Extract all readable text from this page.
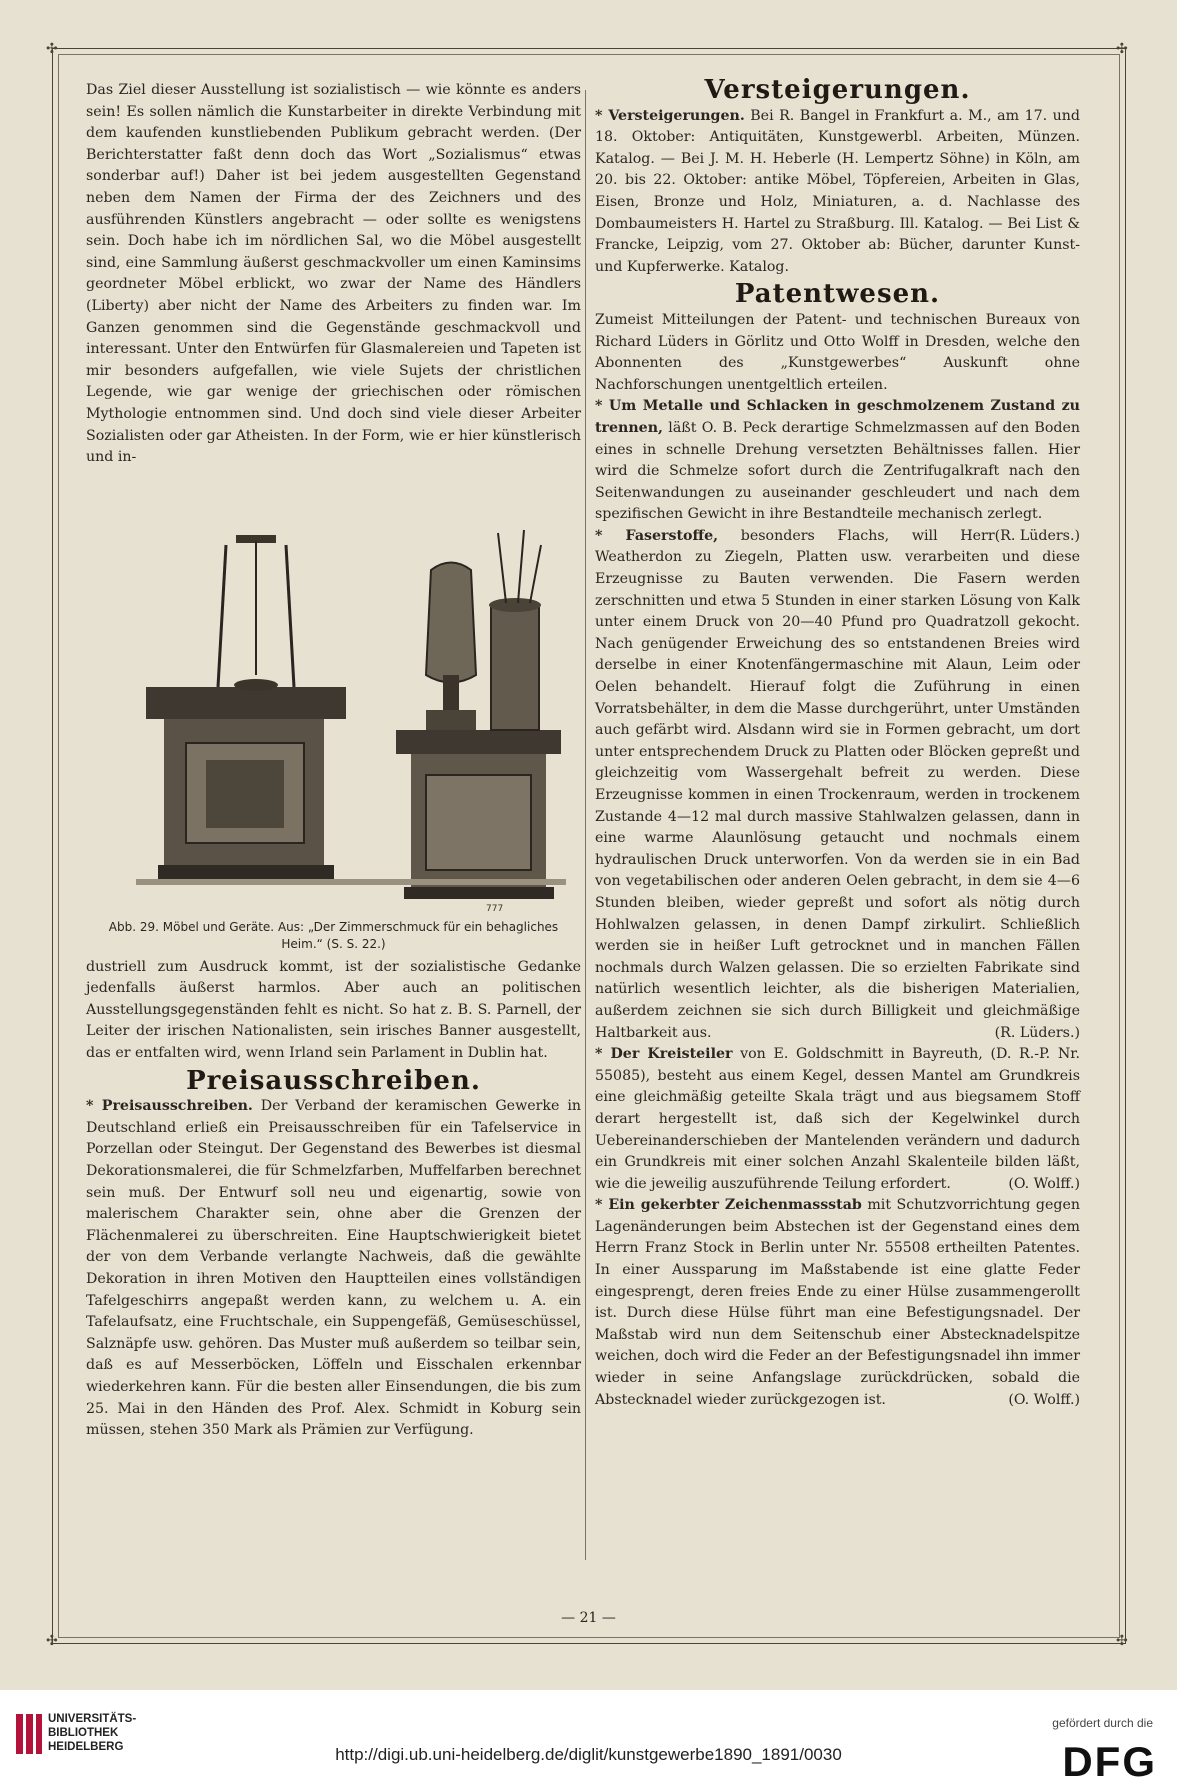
✣	✣
✣	✣

Das Ziel dieser Ausstellung ist sozialistisch — wie könnte es anders sein! Es sollen nämlich die Kunstarbeiter in direkte Verbindung mit dem kaufenden kunstliebenden Publikum gebracht werden. (Der Berichterstatter faßt denn doch das Wort „Sozialismus“ etwas sonderbar auf!) Daher ist bei jedem ausgestellten Gegenstand neben dem Namen der Firma der des Zeichners und des ausführenden Künstlers angebracht — oder sollte es wenigstens sein. Doch habe ich im nördlichen Sal, wo die Möbel ausgestellt sind, eine Sammlung äußerst geschmackvoller um einen Kaminsims geordneter Möbel erblickt, wo zwar der Name des Händlers (Liberty) aber nicht der Name des Arbeiters zu finden war. Im Ganzen genommen sind die Gegenstände geschmackvoll und interessant. Unter den Entwürfen für Glasmalereien und Tapeten ist mir besonders aufgefallen, wie viele Sujets der christlichen Legende, wie gar wenige der griechischen oder römischen Mythologie entnommen sind. Und doch sind viele dieser Arbeiter Sozialisten oder gar Atheisten. In der Form, wie er hier künstlerisch und in-

777
Abb. 29. Möbel und Geräte. Aus: „Der Zimmerschmuck für ein behagliches Heim.“ (S. S. 22.)

dustriell zum Ausdruck kommt, ist der sozialistische Gedanke jedenfalls äußerst harmlos. Aber auch an politischen Ausstellungsgegenständen fehlt es nicht. So hat z. B. S. Parnell, der Leiter der irischen Nationalisten, sein irisches Banner ausgestellt, das er entfalten wird, wenn Irland sein Parlament in Dublin hat.

Preisausschreiben.

* Preisausschreiben. Der Verband der keramischen Gewerke in Deutschland erließ ein Preisausschreiben für ein Tafelservice in Porzellan oder Steingut. Der Gegenstand des Bewerbes ist diesmal Dekorationsmalerei, die für Schmelzfarben, Muffelfarben berechnet sein muß. Der Entwurf soll neu und eigenartig, sowie von malerischem Charakter sein, ohne aber die Grenzen der Flächenmalerei zu überschreiten. Eine Hauptschwierigkeit bietet der von dem Verbande verlangte Nachweis, daß die gewählte Dekoration in ihren Motiven den Hauptteilen eines vollständigen Tafelgeschirrs angepaßt werden kann, zu welchem u. A. ein Tafelaufsatz, eine Fruchtschale, ein Suppengefäß, Gemüseschüssel, Salznäpfe usw. gehören. Das Muster muß außerdem so teilbar sein, daß es auf Messerböcken, Löffeln und Eisschalen erkennbar wiederkehren kann. Für die besten aller Einsendungen, die bis zum 25. Mai in den Händen des Prof. Alex. Schmidt in Koburg sein müssen, stehen 350 Mark als Prämien zur Verfügung.

Versteigerungen.

* Versteigerungen. Bei R. Bangel in Frankfurt a. M., am 17. und 18. Oktober: Antiquitäten, Kunstgewerbl. Arbeiten, Münzen. Katalog. — Bei J. M. H. Heberle (H. Lempertz Söhne) in Köln, am 20. bis 22. Oktober: antike Möbel, Töpfereien, Arbeiten in Glas, Eisen, Bronze und Holz, Miniaturen, a. d. Nachlasse des Dombaumeisters H. Hartel zu Straßburg. Ill. Katalog. — Bei List & Francke, Leipzig, vom 27. Oktober ab: Bücher, darunter Kunst- und Kupferwerke. Katalog.

Patentwesen.

Zumeist Mitteilungen der Patent- und technischen Bureaux von Richard Lüders in Görlitz und Otto Wolff in Dresden, welche den Abonnenten des „Kunstgewerbes“ Auskunft ohne Nachforschungen unentgeltlich erteilen.

* Um Metalle und Schlacken in geschmolzenem Zustand zu trennen, läßt O. B. Peck derartige Schmelzmassen auf den Boden eines in schnelle Drehung versetzten Behältnisses fallen. Hier wird die Schmelze sofort durch die Zentrifugalkraft nach den Seitenwandungen zu auseinander geschleudert und nach dem spezifischen Gewicht in ihre Bestandteile mechanisch zerlegt.
(R. Lüders.)

* Faserstoffe, besonders Flachs, will Herr Weatherdon zu Ziegeln, Platten usw. verarbeiten und diese Erzeugnisse zu Bauten verwenden. Die Fasern werden zerschnitten und etwa 5 Stunden in einer starken Lösung von Kalk unter einem Druck von 20—40 Pfund pro Quadratzoll gekocht. Nach genügender Erweichung des so entstandenen Breies wird derselbe in einer Knotenfängermaschine mit Alaun, Leim oder Oelen behandelt. Hierauf folgt die Zuführung in einen Vorratsbehälter, in dem die Masse durchgerührt, unter Umständen auch gefärbt wird. Alsdann wird sie in Formen gebracht, um dort unter entsprechendem Druck zu Platten oder Blöcken gepreßt und gleichzeitig vom Wassergehalt befreit zu werden. Diese Erzeugnisse kommen in einen Trockenraum, werden in trockenem Zustande 4—12 mal durch massive Stahlwalzen gelassen, dann in eine warme Alaunlösung getaucht und nochmals einem hydraulischen Druck unterworfen. Von da werden sie in ein Bad von vegetabilischen oder anderen Oelen gebracht, in dem sie 4—6 Stunden bleiben, wieder gepreßt und sofort als nötig durch Hohlwalzen gelassen, in denen Dampf zirkulirt. Schließlich werden sie in heißer Luft getrocknet und in manchen Fällen nochmals durch Walzen gelassen. Die so erzielten Fabrikate sind natürlich wesentlich leichter, als die bisherigen Materialien, außerdem zeichnen sie sich durch Billigkeit und gleichmäßige Haltbarkeit aus.	(R. Lüders.)

* Der Kreisteiler von E. Goldschmitt in Bayreuth, (D. R.-P. Nr. 55085), besteht aus einem Kegel, dessen Mantel am Grundkreis eine gleichmäßig geteilte Skala trägt und aus biegsamem Stoff derart hergestellt ist, daß sich der Kegelwinkel durch Uebereinanderschieben der Mantelenden verändern und dadurch ein Grundkreis mit einer solchen Anzahl Skalenteile bilden läßt, wie die jeweilig auszuführende Teilung erfordert.	(O. Wolff.)

* Ein gekerbter Zeichenmassstab mit Schutzvorrichtung gegen Lagenänderungen beim Abstechen ist der Gegenstand eines dem Herrn Franz Stock in Berlin unter Nr. 55508 ertheilten Patentes. In einer Aussparung im Maßstabende ist eine glatte Feder eingesprengt, deren freies Ende zu einer Hülse zusammengerollt ist. Durch diese Hülse führt man eine Befestigungsnadel. Der Maßstab wird nun dem Seitenschub einer Abstecknadelspitze weichen, doch wird die Feder an der Befestigungsnadel ihn immer wieder in seine Anfangslage zurückdrücken, sobald die Abstecknadel wieder zurückgezogen ist.	(O. Wolff.)

— 21 —
UNIVERSITÄTS-
BIBLIOTHEK
HEIDELBERG	http://digi.ub.uni-heidelberg.de/diglit/kunstgewerbe1890_1891/0030
gefördert durch die
DFG
